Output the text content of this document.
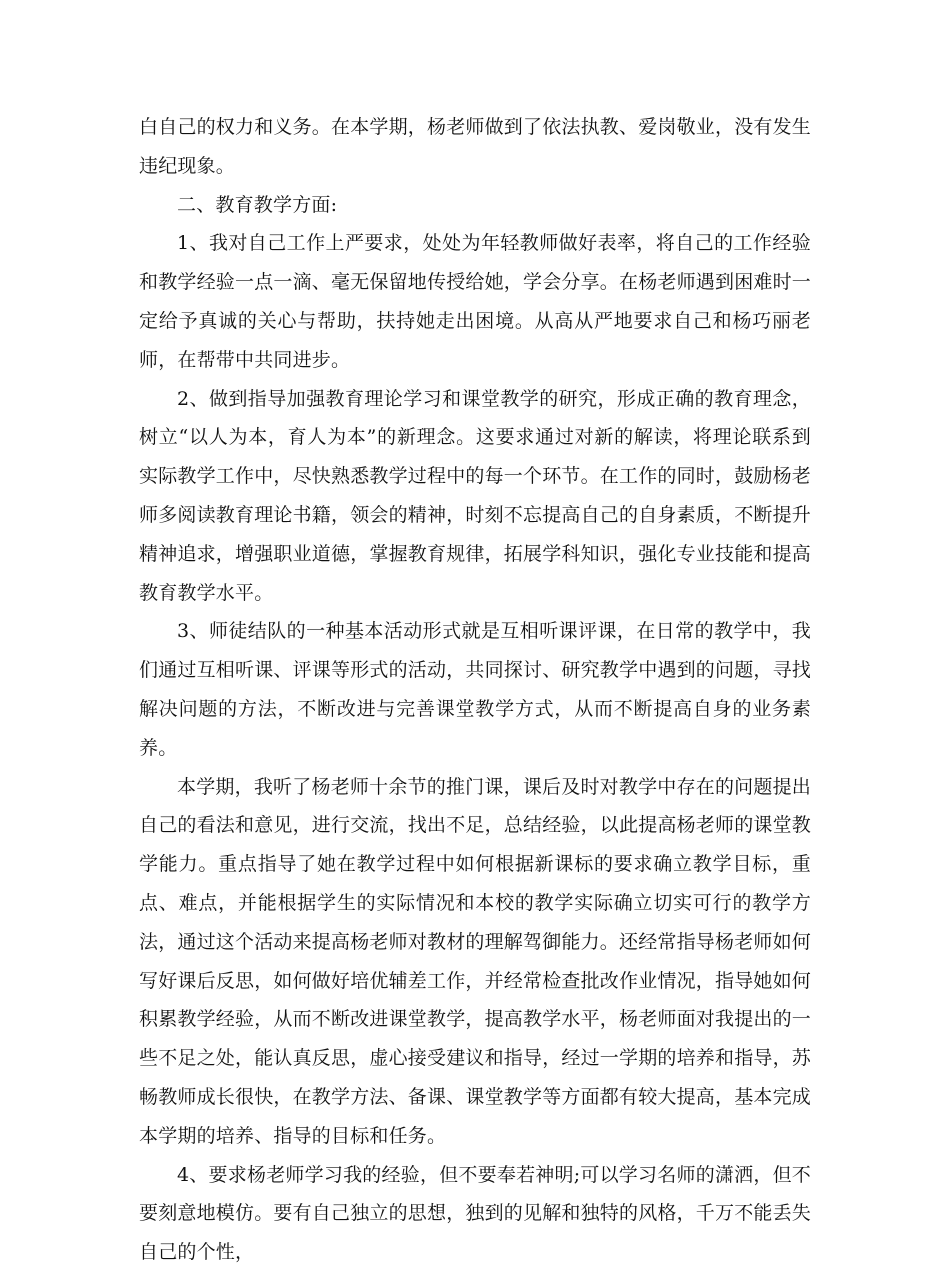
白自己的权力和义务。在本学期，杨老师做到了依法执教、爱岗敬业，没有发生违纪现象。

二、教育教学方面:

1、我对自己工作上严要求，处处为年轻教师做好表率，将自己的工作经验和教学经验一点一滴、毫无保留地传授给她，学会分享。在杨老师遇到困难时一定给予真诚的关心与帮助，扶持她走出困境。从高从严地要求自己和杨巧丽老师，在帮带中共同进步。

2、做到指导加强教育理论学习和课堂教学的研究，形成正确的教育理念，树立“以人为本，育人为本”的新理念。这要求通过对新的解读，将理论联系到实际教学工作中，尽快熟悉教学过程中的每一个环节。在工作的同时，鼓励杨老师多阅读教育理论书籍，领会的精神，时刻不忘提高自己的自身素质，不断提升精神追求，增强职业道德，掌握教育规律，拓展学科知识，强化专业技能和提高教育教学水平。

3、师徒结队的一种基本活动形式就是互相听课评课，在日常的教学中，我们通过互相听课、评课等形式的活动，共同探讨、研究教学中遇到的问题，寻找解决问题的方法，不断改进与完善课堂教学方式，从而不断提高自身的业务素养。

本学期，我听了杨老师十余节的推门课，课后及时对教学中存在的问题提出自己的看法和意见，进行交流，找出不足，总结经验，以此提高杨老师的课堂教学能力。重点指导了她在教学过程中如何根据新课标的要求确立教学目标，重点、难点，并能根据学生的实际情况和本校的教学实际确立切实可行的教学方法，通过这个活动来提高杨老师对教材的理解驾御能力。还经常指导杨老师如何写好课后反思，如何做好培优辅差工作，并经常检查批改作业情况，指导她如何积累教学经验，从而不断改进课堂教学，提高教学水平，杨老师面对我提出的一些不足之处，能认真反思，虚心接受建议和指导，经过一学期的培养和指导，苏畅教师成长很快，在教学方法、备课、课堂教学等方面都有较大提高，基本完成本学期的培养、指导的目标和任务。

4、要求杨老师学习我的经验，但不要奉若神明;可以学习名师的潇洒，但不要刻意地模仿。要有自己独立的思想，独到的见解和独特的风格，千万不能丢失自己的个性，
